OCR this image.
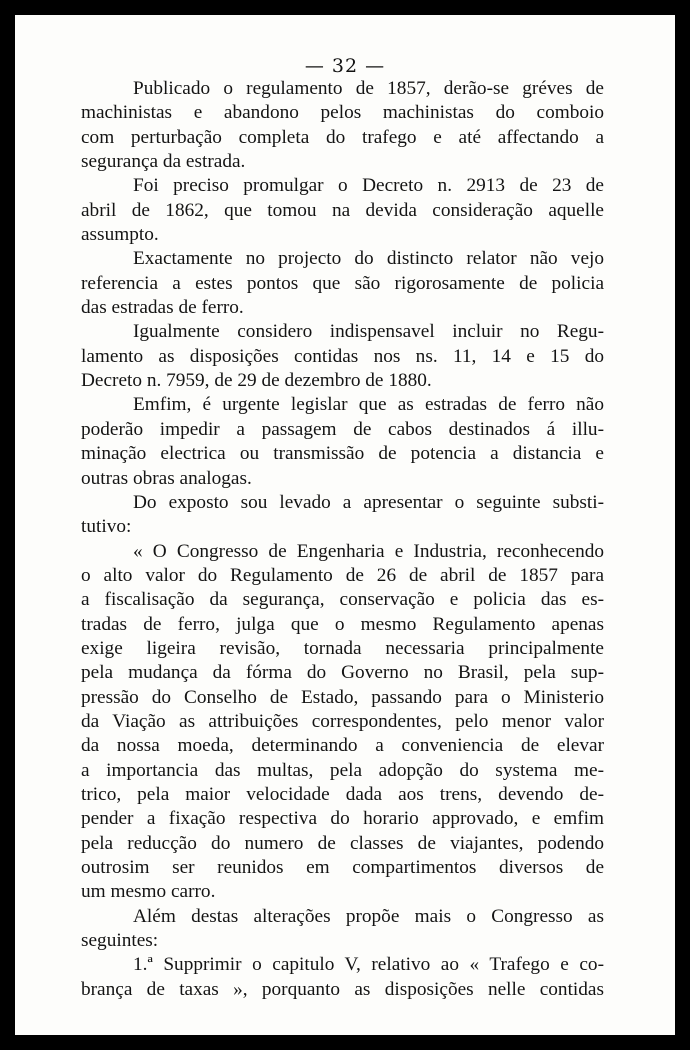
— 32 —

Publicado o regulamento de 1857, derão-se gréves de
machinistas e abandono pelos machinistas do comboio
com perturbação completa do trafego e até affectando a
segurança da estrada.

Foi preciso promulgar o Decreto n. 2913 de 23 de
abril de 1862, que tomou na devida consideração aquelle
assumpto.

Exactamente no projecto do distincto relator não vejo
referencia a estes pontos que são rigorosamente de policia
das estradas de ferro.

Igualmente considero indispensavel incluir no Regu-
lamento as disposições contidas nos ns. 11, 14 e 15 do
Decreto n. 7959, de 29 de dezembro de 1880.

Emfim, é urgente legislar que as estradas de ferro não
poderão impedir a passagem de cabos destinados á illu-
minação electrica ou transmissão de potencia a distancia e
outras obras analogas.

Do exposto sou levado a apresentar o seguinte substi-
tutivo:

« O Congresso de Engenharia e Industria, reconhecendo
o alto valor do Regulamento de 26 de abril de 1857 para
a fiscalisação da segurança, conservação e policia das es-
tradas de ferro, julga que o mesmo Regulamento apenas
exige ligeira revisão, tornada necessaria principalmente
pela mudança da fórma do Governo no Brasil, pela sup-
pressão do Conselho de Estado, passando para o Ministerio
da Viação as attribuições correspondentes, pelo menor valor
da nossa moeda, determinando a conveniencia de elevar
a importancia das multas, pela adopção do systema me-
trico, pela maior velocidade dada aos trens, devendo de-
pender a fixação respectiva do horario approvado, e emfim
pela reducção do numero de classes de viajantes, podendo
outrosim ser reunidos em compartimentos diversos de
um mesmo carro.

Além destas alterações propõe mais o Congresso as
seguintes:

1.ª Supprimir o capitulo V, relativo ao « Trafego e co-
brança de taxas », porquanto as disposições nelle contidas
